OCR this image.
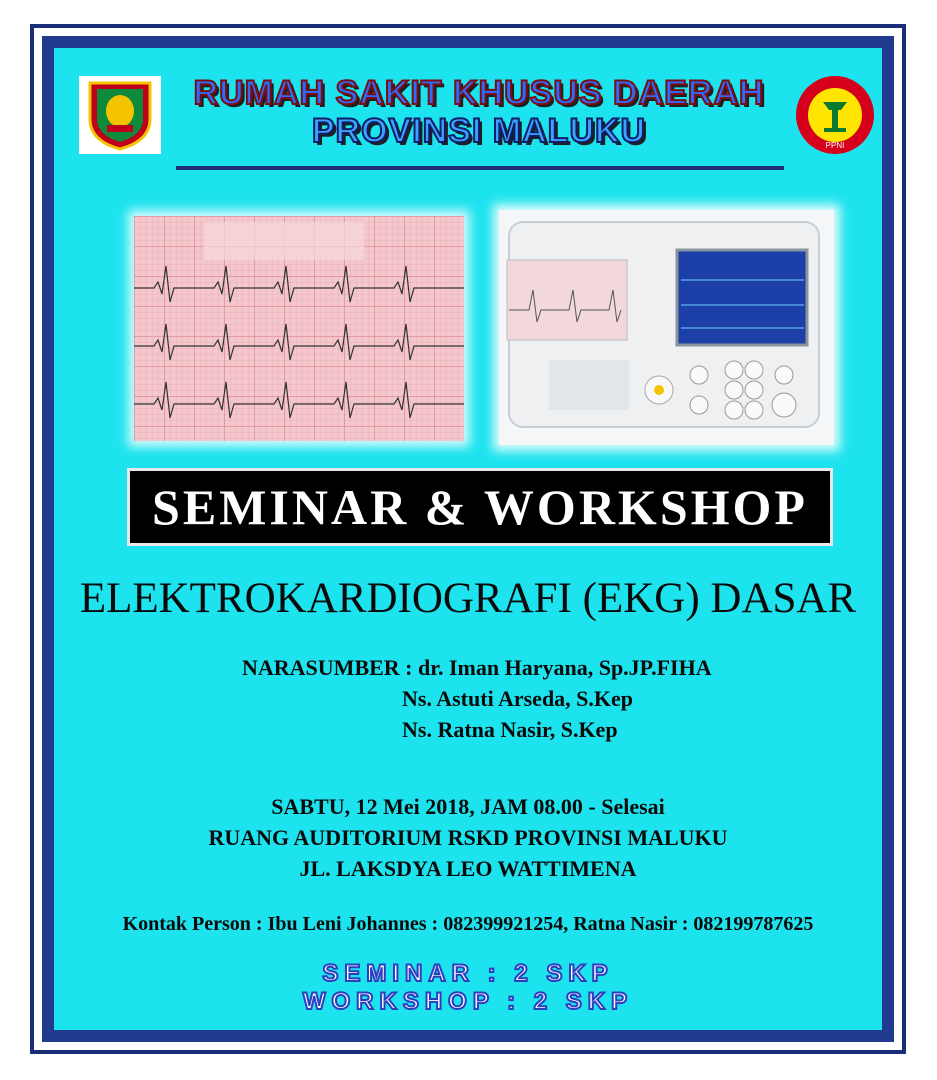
RUMAH SAKIT KHUSUS DAERAH
PROVINSI MALUKU	PPNI
SEMINAR & WORKSHOP
ELEKTROKARDIOGRAFI (EKG) DASAR
NARASUMBER : dr. Iman Haryana, Sp.JP.FIHA
Ns. Astuti Arseda, S.Kep
Ns. Ratna Nasir, S.Kep
SABTU, 12 Mei 2018, JAM 08.00 - Selesai
RUANG AUDITORIUM RSKD PROVINSI MALUKU
JL. LAKSDYA LEO WATTIMENA
Kontak Person : Ibu Leni Johannes : 082399921254, Ratna Nasir : 082199787625
SEMINAR : 2 SKP
WORKSHOP : 2 SKP
